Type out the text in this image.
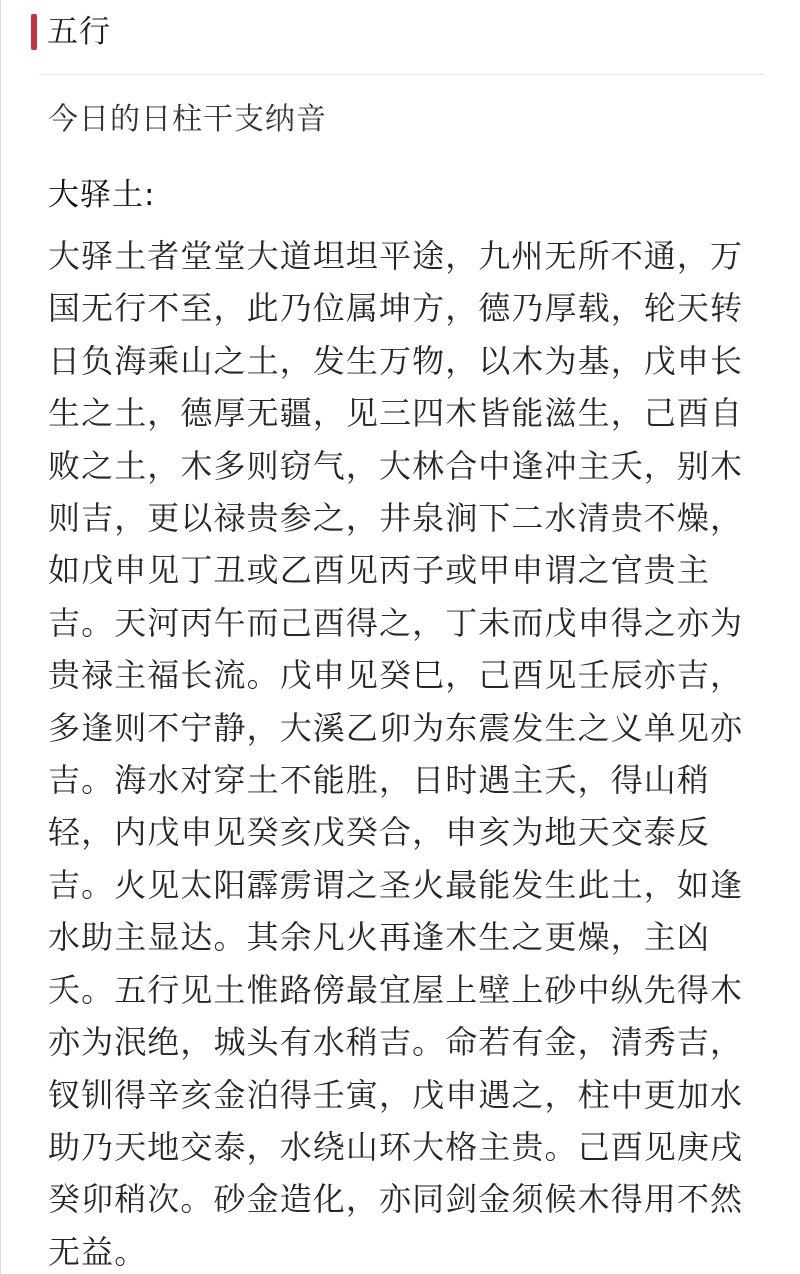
五行
今日的日柱干支纳音
大驿土:
大驿土者堂堂大道坦坦平途，九州无所不通，万
国无行不至，此乃位属坤方，德乃厚载，轮天转
日负海乘山之土，发生万物，以木为基，戊申长
生之土，德厚无疆，见三四木皆能滋生，己酉自
败之土，木多则窃气，大林合中逢冲主夭，别木
则吉，更以禄贵参之，井泉涧下二水清贵不燥，
如戊申见丁丑或乙酉见丙子或甲申谓之官贵主
吉。天河丙午而己酉得之，丁未而戊申得之亦为
贵禄主福长流。戊申见癸巳，己酉见壬辰亦吉，
多逢则不宁静，大溪乙卯为东震发生之义单见亦
吉。海水对穿土不能胜，日时遇主夭，得山稍
轻，内戊申见癸亥戊癸合，申亥为地天交泰反
吉。火见太阳霹雳谓之圣火最能发生此土，如逢
水助主显达。其余凡火再逢木生之更燥，主凶
夭。五行见土惟路傍最宜屋上壁上砂中纵先得木
亦为泯绝，城头有水稍吉。命若有金，清秀吉，
钗钏得辛亥金泊得壬寅，戊申遇之，柱中更加水
助乃天地交泰，水绕山环大格主贵。己酉见庚戌
癸卯稍次。砂金造化，亦同剑金须候木得用不然
无益。
